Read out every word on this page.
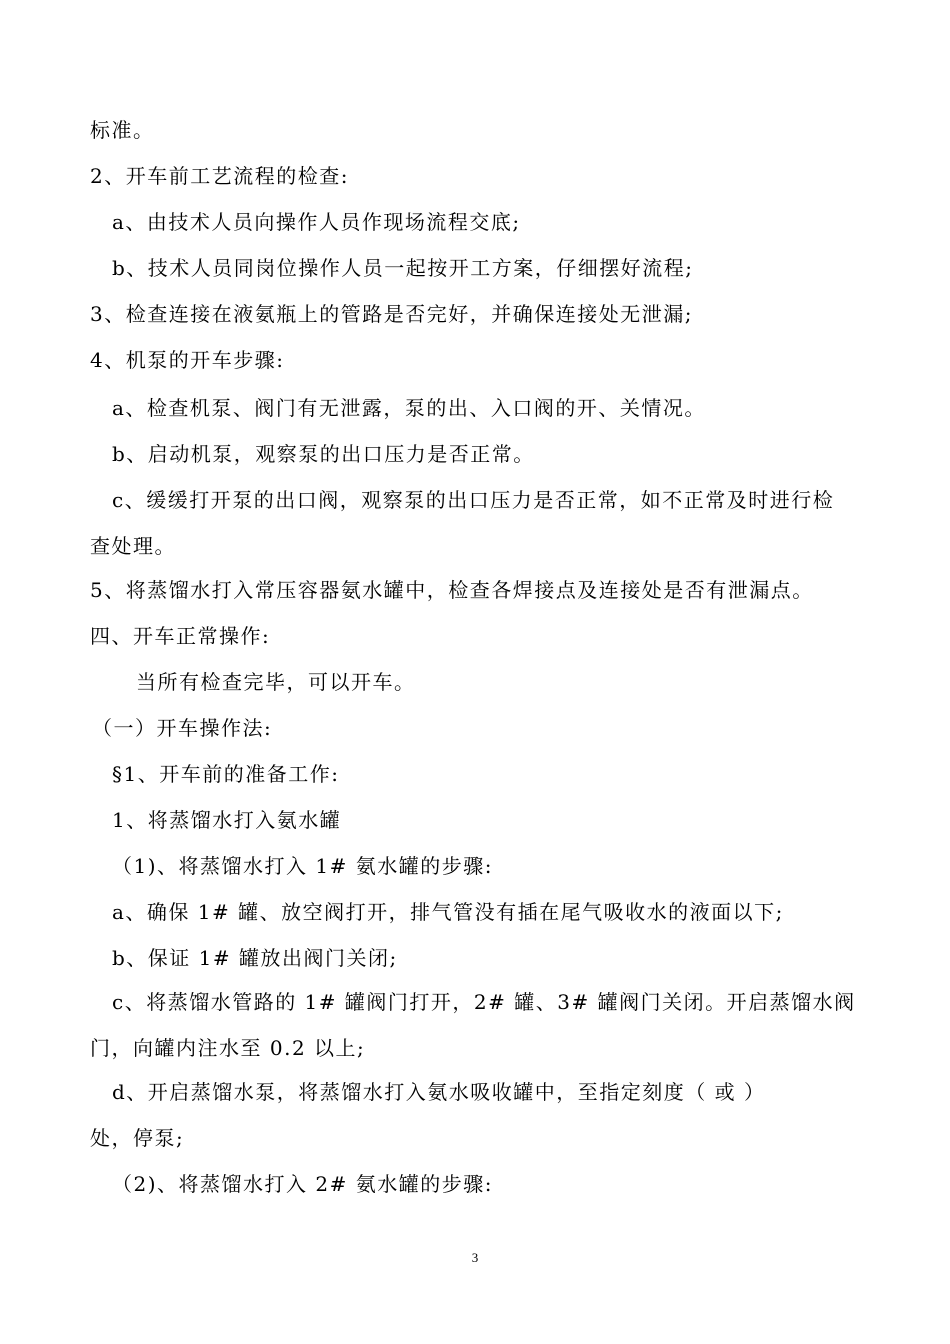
标准。
2、开车前工艺流程的检查:
a、由技术人员向操作人员作现场流程交底;
b、技术人员同岗位操作人员一起按开工方案，仔细摆好流程;
3、检查连接在液氨瓶上的管路是否完好，并确保连接处无泄漏;
4、机泵的开车步骤:
a、检查机泵、阀门有无泄露，泵的出、入口阀的开、关情况。
b、启动机泵，观察泵的出口压力是否正常。
c、缓缓打开泵的出口阀，观察泵的出口压力是否正常，如不正常及时进行检
查处理。
5、将蒸馏水打入常压容器氨水罐中，检查各焊接点及连接处是否有泄漏点。
四、开车正常操作:
当所有检查完毕，可以开车。
（一）开车操作法:
§1、开车前的准备工作:
1、将蒸馏水打入氨水罐
（1)、将蒸馏水打入 1# 氨水罐的步骤:
a、确保 1# 罐、放空阀打开，排气管没有插在尾气吸收水的液面以下;
b、保证 1# 罐放出阀门关闭;
c、将蒸馏水管路的 1# 罐阀门打开，2# 罐、3# 罐阀门关闭。开启蒸馏水阀
门，向罐内注水至 0.2 以上;
d、开启蒸馏水泵，将蒸馏水打入氨水吸收罐中，至指定刻度（ 或 ）
处，停泵;
（2)、将蒸馏水打入 2# 氨水罐的步骤:
3
